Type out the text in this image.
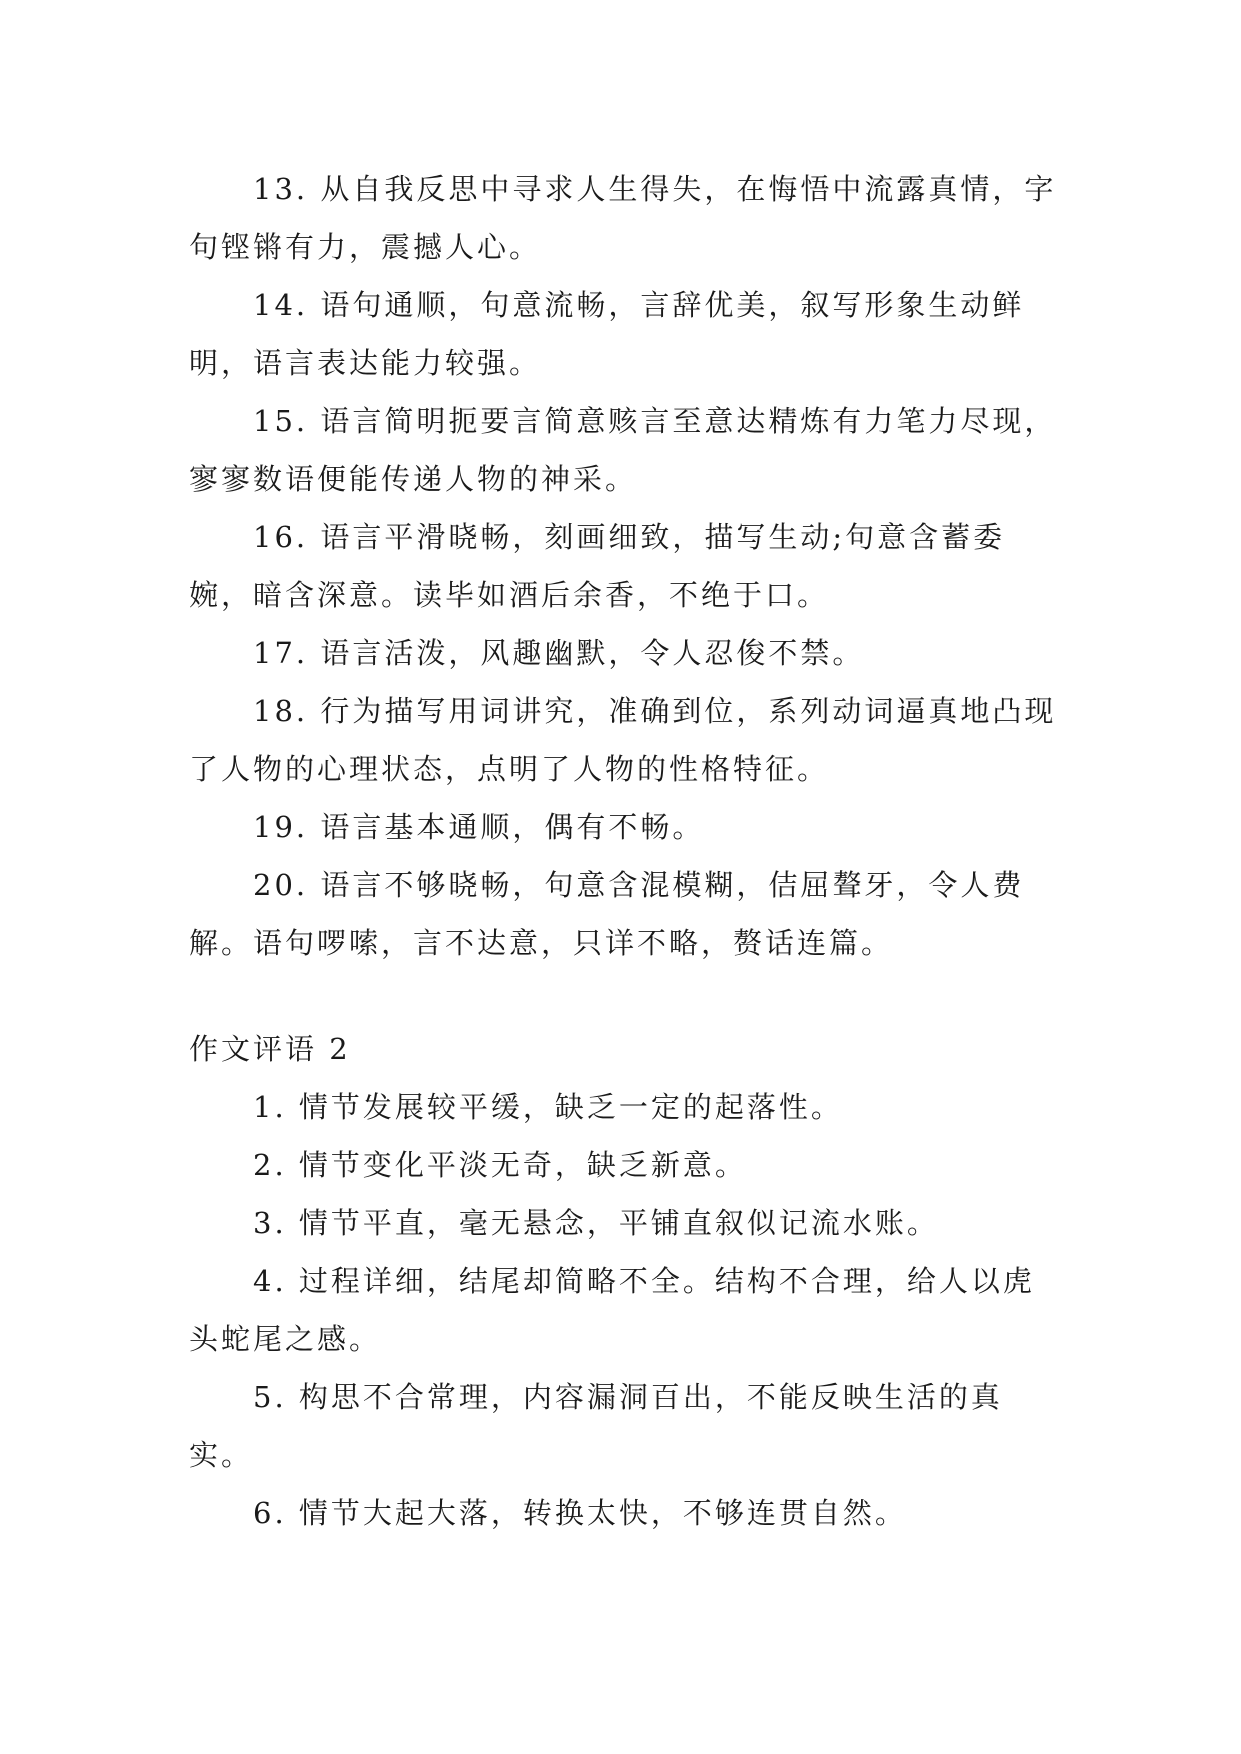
13. 从自我反思中寻求人生得失，在悔悟中流露真情，字句铿锵有力，震撼人心。

14. 语句通顺，句意流畅，言辞优美，叙写形象生动鲜明，语言表达能力较强。

15. 语言简明扼要言简意赅言至意达精炼有力笔力尽现，寥寥数语便能传递人物的神采。

16. 语言平滑晓畅，刻画细致，描写生动;句意含蓄委婉，暗含深意。读毕如酒后余香，不绝于口。

17. 语言活泼，风趣幽默，令人忍俊不禁。

18. 行为描写用词讲究，准确到位，系列动词逼真地凸现了人物的心理状态，点明了人物的性格特征。

19. 语言基本通顺，偶有不畅。

20. 语言不够晓畅，句意含混模糊，佶屈聱牙，令人费解。语句啰嗦，言不达意，只详不略，赘话连篇。

作文评语 2

1. 情节发展较平缓，缺乏一定的起落性。

2. 情节变化平淡无奇，缺乏新意。

3. 情节平直，毫无悬念，平铺直叙似记流水账。

4. 过程详细，结尾却简略不全。结构不合理，给人以虎头蛇尾之感。

5. 构思不合常理，内容漏洞百出，不能反映生活的真实。

6. 情节大起大落，转换太快，不够连贯自然。
